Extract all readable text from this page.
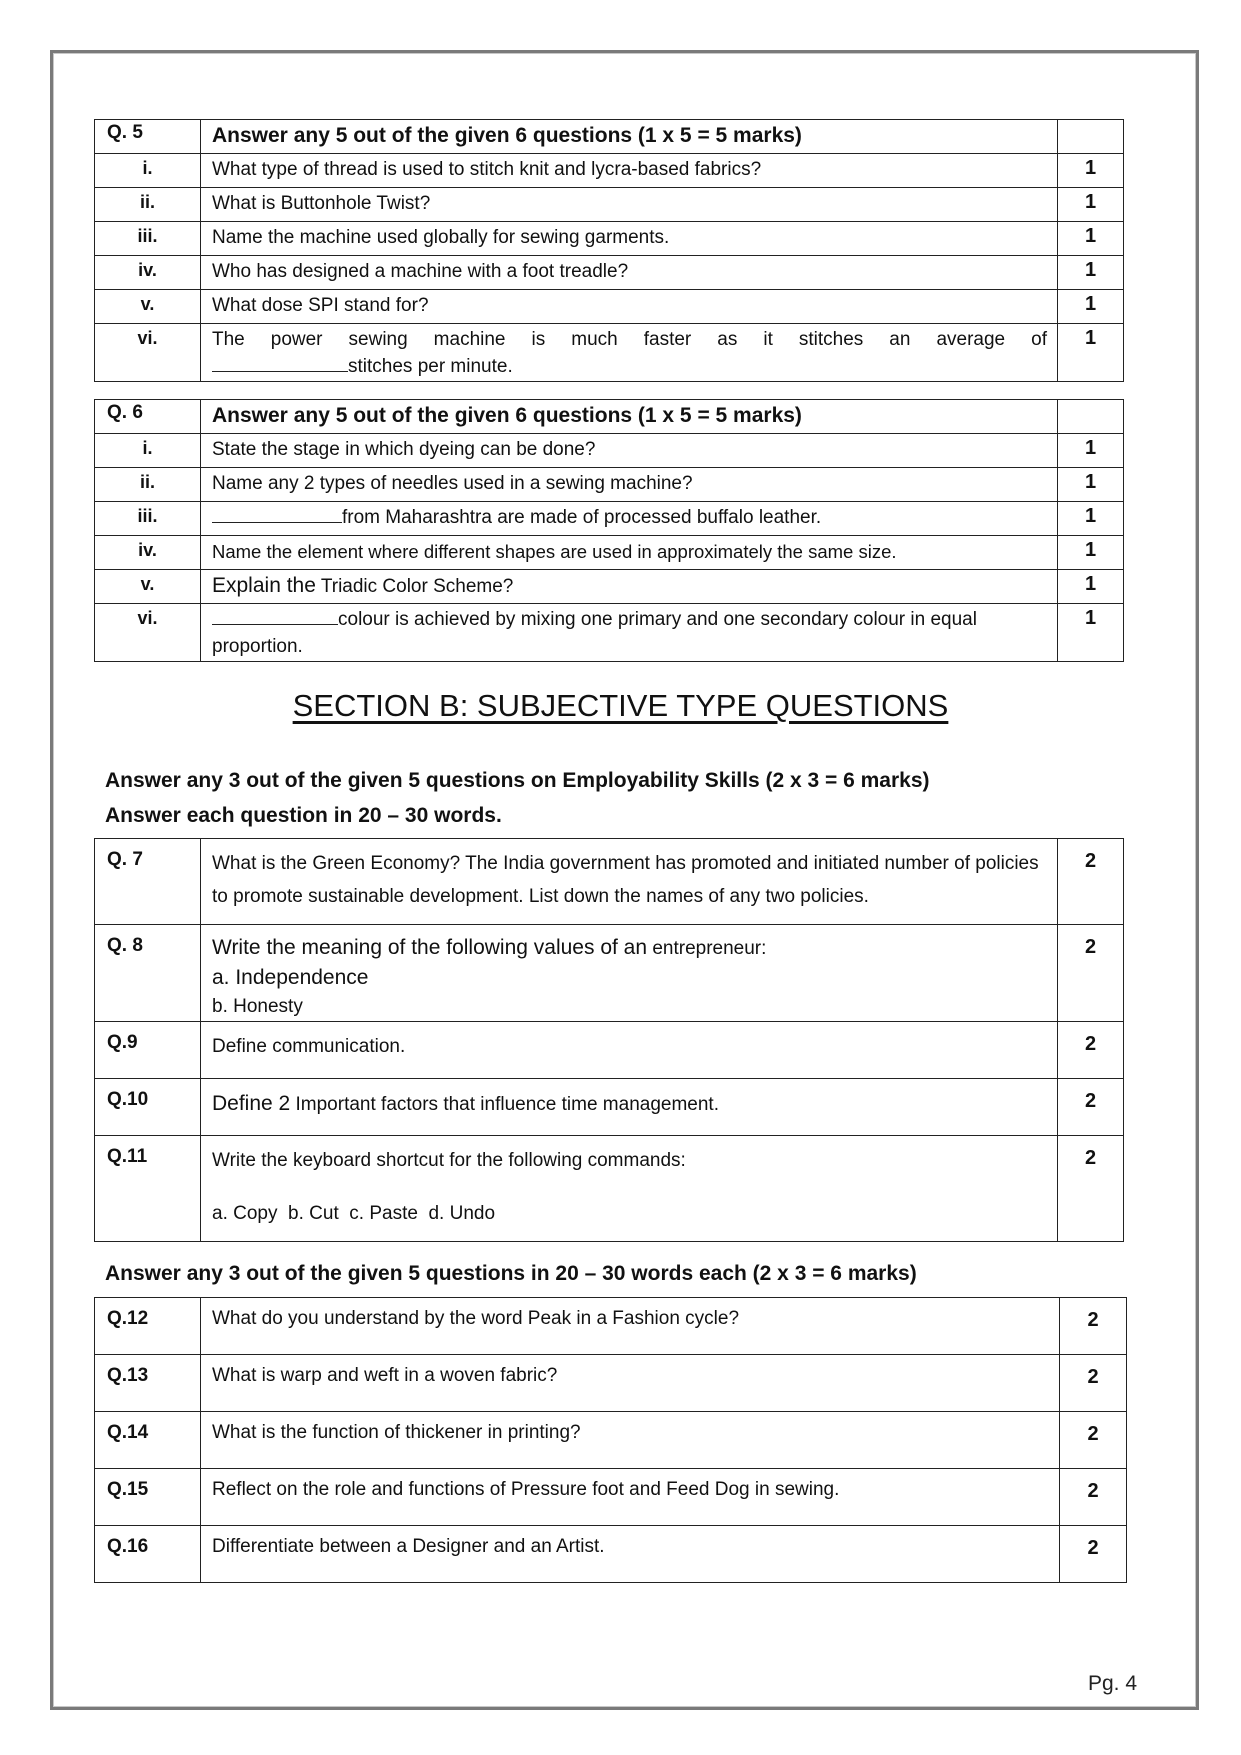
Q. 5	Answer any 5 out of the given 6 questions (1 x 5 = 5 marks)	
i.	What type of thread is used to stitch knit and lycra-based fabrics?	1
ii.	What is Buttonhole Twist?	1
iii.	Name the machine used globally for sewing garments.	1
iv.	Who has designed a machine with a foot treadle?	1
v.	What dose SPI stand for?	1
vi.	The power sewing machine is much faster as it stitches an average of
stitches per minute.	1
Q. 6	Answer any 5 out of the given 6 questions (1 x 5 = 5 marks)	
i.	State the stage in which dyeing can be done?	1
ii.	Name any 2 types of needles used in a sewing machine?	1
iii.	from Maharashtra are made of processed buffalo leather.	1
iv.	Name the element where different shapes are used in approximately the same size.	1
v.	Explain the Triadic Color Scheme?	1
vi.	colour is achieved by mixing one primary and one secondary colour in equal
proportion.	1
SECTION B: SUBJECTIVE TYPE QUESTIONS
Answer any 3 out of the given 5 questions on Employability Skills (2 x 3 = 6 marks)
Answer each question in 20 – 30 words.
Q. 7	What is the Green Economy? The India government has promoted and initiated number of policies to promote sustainable development. List down the names of any two policies.	2
Q. 8	Write the meaning of the following values of an entrepreneur:
a. Independence
b. Honesty	2
Q.9	Define communication.	2
Q.10	Define 2 Important factors that influence time management.	2
Q.11	Write the keyboard shortcut for the following commands:
a. Copy  b. Cut  c. Paste  d. Undo	2
Answer any 3 out of the given 5 questions in 20 – 30 words each (2 x 3 = 6 marks)
Q.12	What do you understand by the word Peak in a Fashion cycle?	2
Q.13	What is warp and weft in a woven fabric?	2
Q.14	What is the function of thickener in printing?	2
Q.15	Reflect on the role and functions of Pressure foot and Feed Dog in sewing.	2
Q.16	Differentiate between a Designer and an Artist.	2
Pg. 4
